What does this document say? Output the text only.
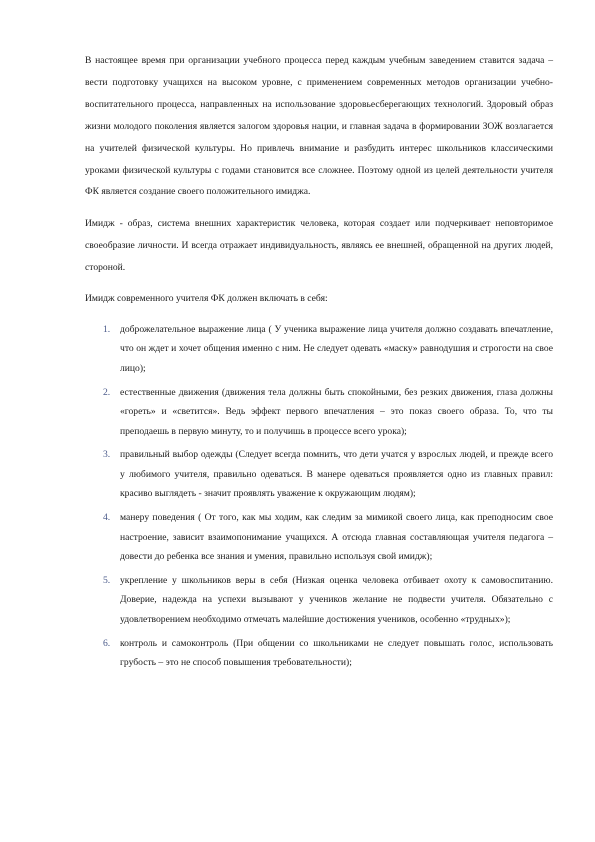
В настоящее время при организации учебного процесса перед каждым учебным заведением ставится задача – вести подготовку учащихся на высоком уровне, с применением современных методов организации учебно-воспитательного процесса, направленных на использование здоровьесберегающих технологий. Здоровый образ жизни молодого поколения является залогом здоровья нации, и главная задача в формировании ЗОЖ возлагается на учителей физической культуры. Но привлечь внимание и разбудить интерес школьников классическими уроками физической культуры с годами становится все сложнее. Поэтому одной из целей деятельности учителя ФК является создание своего положительного имиджа.

Имидж - образ, система внешних характеристик человека, которая создает или подчеркивает неповторимое своеобразие личности. И всегда отражает индивидуальность, являясь ее внешней, обращенной на других людей, стороной.

Имидж современного учителя ФК должен включать в себя:

1. доброжелательное выражение лица ( У ученика выражение лица учителя должно создавать впечатление, что он ждет и хочет общения именно с ним. Не следует одевать «маску» равнодушия и строгости на свое лицо);
2. естественные движения (движения тела должны быть спокойными, без резких движения, глаза должны «гореть» и «светится». Ведь эффект первого впечатления – это показ своего образа. То, что ты преподаешь в первую минуту, то и получишь в процессе всего урока);
3. правильный выбор одежды (Следует всегда помнить, что дети учатся у взрослых людей, и прежде всего у любимого учителя, правильно одеваться. В манере одеваться проявляется одно из главных правил: красиво выглядеть - значит проявлять уважение к окружающим людям);
4. манеру поведения ( От того, как мы ходим, как следим за мимикой своего лица, как преподносим свое настроение, зависит взаимопонимание учащихся. А отсюда главная составляющая учителя педагога – довести до ребенка все знания и умения, правильно используя свой имидж);
5. укрепление у школьников веры в себя (Низкая оценка человека отбивает охоту к самовоспитанию. Доверие, надежда на успехи вызывают у учеников желание не подвести учителя. Обязательно с удовлетворением необходимо отмечать малейшие достижения учеников, особенно «трудных»);
6. контроль и самоконтроль (При общении со школьниками не следует повышать голос, использовать грубость – это не способ повышения требовательности);
